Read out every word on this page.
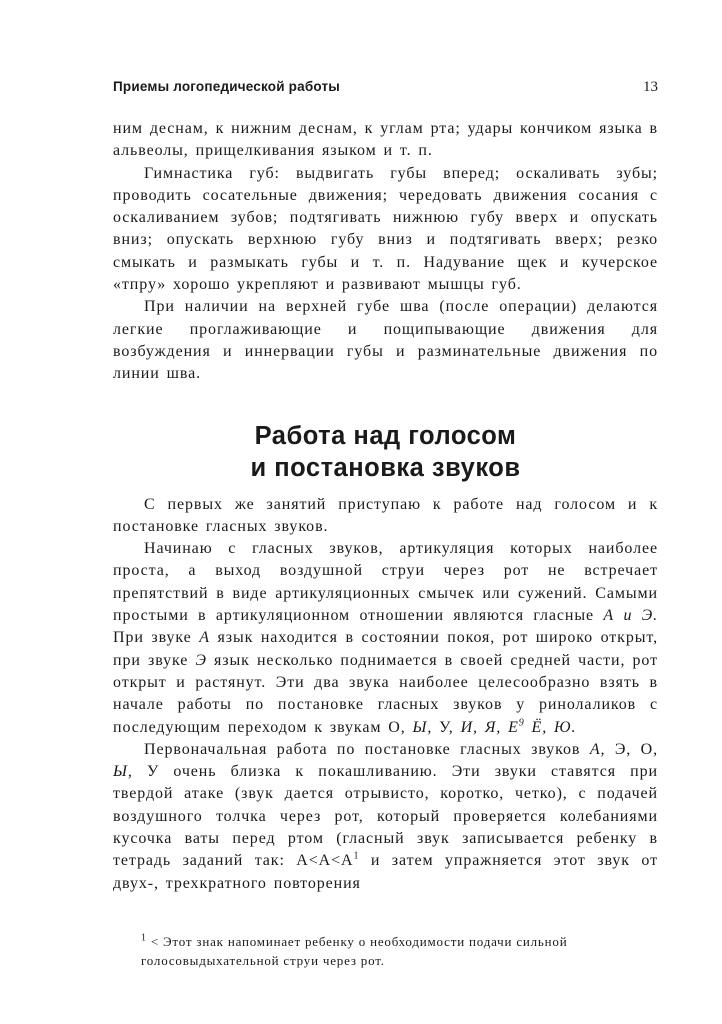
Приемы логопедической работы	13

ним деснам, к нижним деснам, к углам рта; удары кончиком языка в альвеолы, прищелкивания языком и т. п.

Гимнастика губ: выдвигать губы вперед; оскаливать зубы; проводить сосательные движения; чередовать движения сосания с оскаливанием зубов; подтягивать нижнюю губу вверх и опускать вниз; опускать верхнюю губу вниз и подтягивать вверх; резко смыкать и размыкать губы и т. п. Надувание щек и кучерское «тпру» хорошо укрепляют и развивают мышцы губ.

При наличии на верхней губе шва (после операции) делаются легкие проглаживающие и пощипывающие движения для возбуждения и иннервации губы и разминательные движения по линии шва.

Работа над голосом
и постановка звуков

С первых же занятий приступаю к работе над голосом и к постановке гласных звуков.

Начинаю с гласных звуков, артикуляция которых наиболее проста, а выход воздушной струи через рот не встречает препятствий в виде артикуляционных смычек или сужений. Самыми простыми в артикуляционном отношении являются гласные А и Э. При звуке А язык находится в состоянии покоя, рот широко открыт, при звуке Э язык несколько поднимается в своей средней части, рот открыт и растянут. Эти два звука наиболее целесообразно взять в начале работы по постановке гласных звуков у ринолаликов с последующим переходом к звукам О, Ы, У, И, Я, $Е^9$ Ё, Ю.

Первоначальная работа по постановке гласных звуков А, Э, О, Ы, У очень близка к покашливанию. Эти звуки ставятся при твердой атаке (звук дается отрывисто, коротко, четко), с подачей воздушного толчка через рот, который проверяется колебаниями кусочка ваты перед ртом (гласный звук записывается ребенку в тетрадь заданий так: $А<А<А^1$ и затем упражняется этот звук от двух-, трехкратного повторения

$^1$ < Этот знак напоминает ребенку о необходимости подачи сильной голосовыдыхательной струи через рот.
